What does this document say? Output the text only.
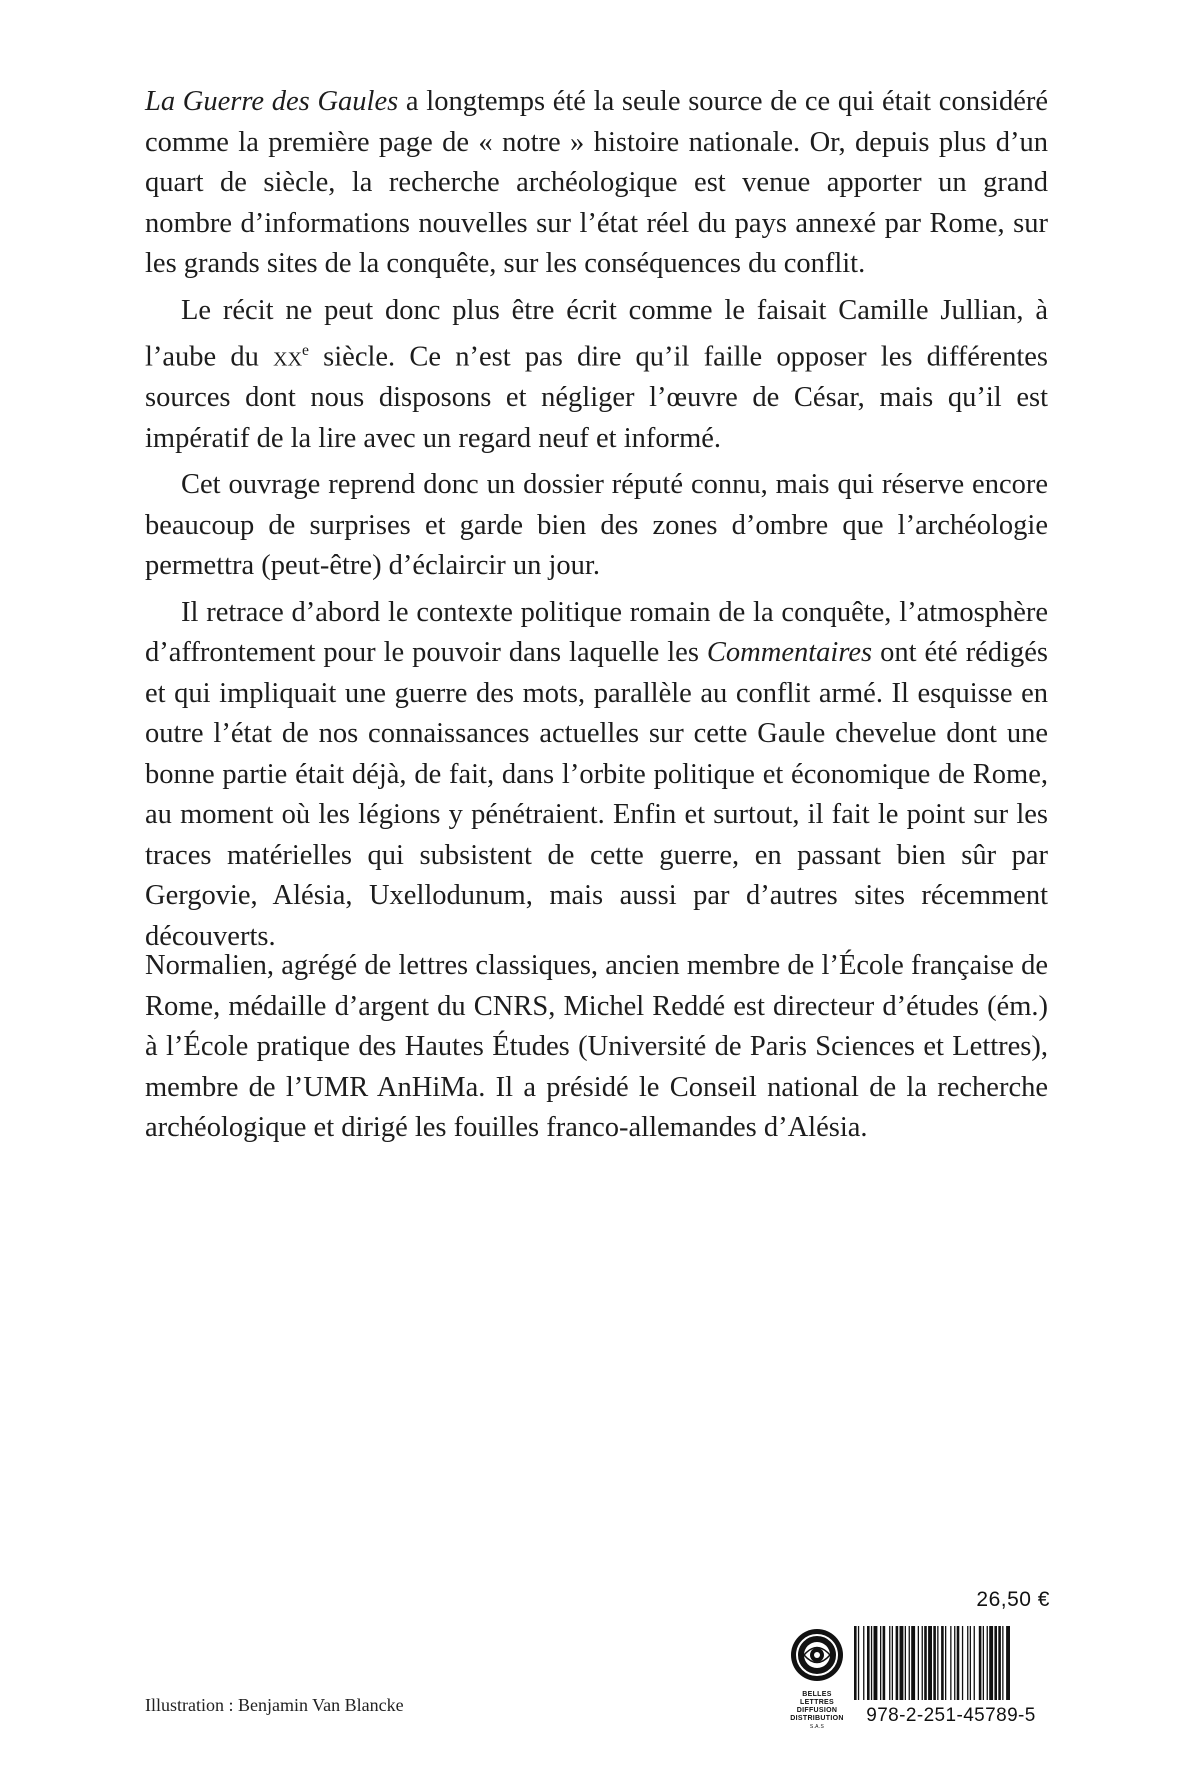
La Guerre des Gaules a longtemps été la seule source de ce qui était considéré comme la première page de « notre » histoire nationale. Or, depuis plus d’un quart de siècle, la recherche archéologique est venue apporter un grand nombre d’informations nouvelles sur l’état réel du pays annexé par Rome, sur les grands sites de la conquête, sur les conséquences du conflit.

Le récit ne peut donc plus être écrit comme le faisait Camille Jullian, à l’aube du $xx^e$ siècle. Ce n’est pas dire qu’il faille opposer les différentes sources dont nous disposons et négliger l’œuvre de César, mais qu’il est impératif de la lire avec un regard neuf et informé.

Cet ouvrage reprend donc un dossier réputé connu, mais qui réserve encore beaucoup de surprises et garde bien des zones d’ombre que l’archéologie permettra (peut-être) d’éclaircir un jour.

Il retrace d’abord le contexte politique romain de la conquête, l’atmosphère d’affrontement pour le pouvoir dans laquelle les Commentaires ont été rédigés et qui impliquait une guerre des mots, parallèle au conflit armé. Il esquisse en outre l’état de nos connaissances actuelles sur cette Gaule chevelue dont une bonne partie était déjà, de fait, dans l’orbite politique et économique de Rome, au moment où les légions y pénétraient. Enfin et surtout, il fait le point sur les traces matérielles qui subsistent de cette guerre, en passant bien sûr par Gergovie, Alésia, Uxellodunum, mais aussi par d’autres sites récemment découverts.

Normalien, agrégé de lettres classiques, ancien membre de l’École française de Rome, médaille d’argent du CNRS, Michel Reddé est directeur d’études (ém.) à l’École pratique des Hautes Études (Université de Paris Sciences et Lettres), membre de l’UMR AnHiMa. Il a présidé le Conseil national de la recherche archéologique et dirigé les fouilles franco-allemandes d’Alésia.

Illustration : Benjamin Van Blancke
26,50 €
BELLES LETTRES
DIFFUSION
DISTRIBUTION
S.A.S
978-2-251-45789-5
